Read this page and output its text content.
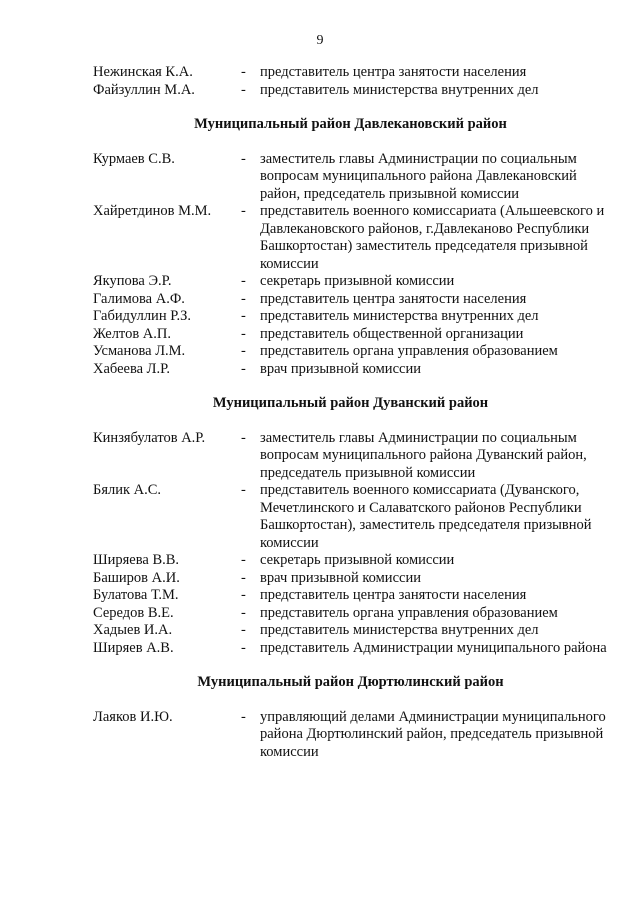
9
Нежинская К.А.	- представитель центра занятости населения
Файзуллин М.А.	- представитель министерства внутренних дел
Муниципальный район Давлекановский район
Курмаев С.В.	- заместитель главы Администрации по социальным вопросам муниципального района Давлекановский район, председатель призывной комиссии
Хайретдинов М.М.	- представитель военного комиссариата (Альшеевского и Давлекановского районов, г.Давлеканово Республики Башкортостан) заместитель председателя призывной комиссии
Якупова Э.Р.	- секретарь призывной комиссии
Галимова А.Ф.	- представитель центра занятости населения
Габидуллин Р.З.	- представитель министерства внутренних дел
Желтов А.П.	- представитель общественной организации
Усманова Л.М.	- представитель органа управления образованием
Хабеева Л.Р.	- врач призывной комиссии
Муниципальный район Дуванский район
Кинзябулатов А.Р.	- заместитель главы Администрации по социальным вопросам муниципального района Дуванский район, председатель призывной комиссии
Бялик А.С.	- представитель военного комиссариата (Дуванского, Мечетлинского и Салаватского районов Республики Башкортостан), заместитель председателя призывной комиссии
Ширяева В.В.	- секретарь призывной комиссии
Баширов А.И.	- врач призывной комиссии
Булатова Т.М.	- представитель центра занятости населения
Середов В.Е.	- представитель органа управления образованием
Хадыев И.А.	- представитель министерства внутренних дел
Ширяев А.В.	- представитель Администрации муниципального района
Муниципальный район Дюртюлинский район
Лаяков И.Ю.	- управляющий делами Администрации муниципального района Дюртюлинский район, председатель призывной комиссии
